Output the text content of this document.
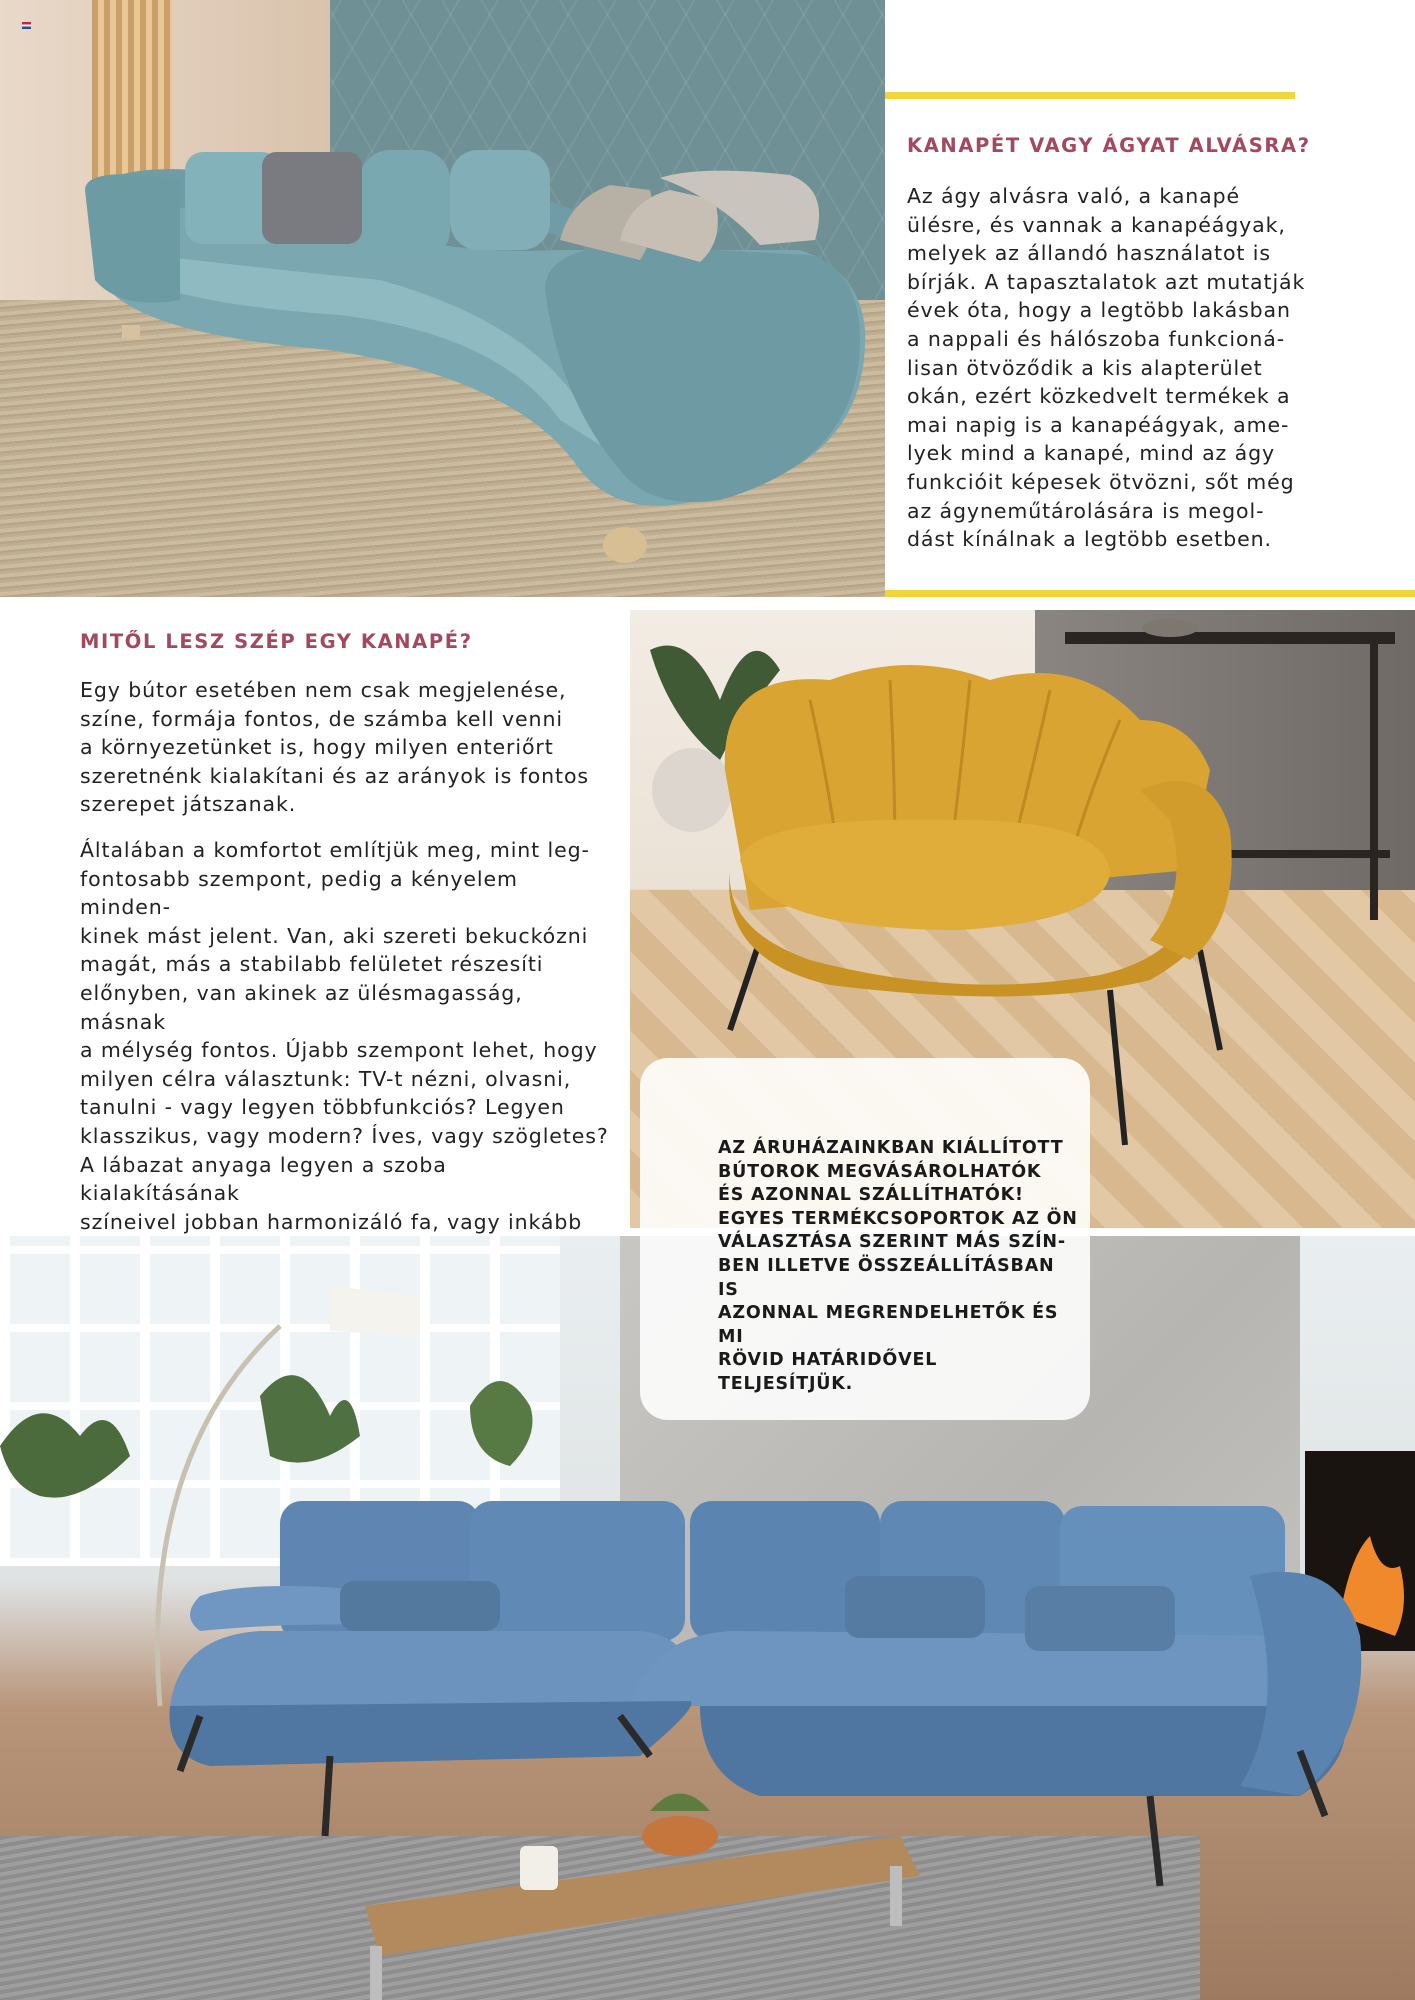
KANAPÉT VAGY ÁGYAT ALVÁSRA?
Az ágy alvásra való, a kanapé
ülésre, és vannak a kanapéágyak,
melyek az állandó használatot is
bírják. A tapasztalatok azt mutatják
évek óta, hogy a legtöbb lakásban
a nappali és hálószoba funkcioná-
lisan ötvöződik a kis alapterület
okán, ezért közkedvelt termékek a
mai napig is a kanapéágyak, ame-
lyek mind a kanapé, mind az ágy
funkcióit képesek ötvözni, sőt még
az ágyneműtárolására is megol-
dást kínálnak a legtöbb esetben.
MITŐL LESZ SZÉP EGY KANAPÉ?
Egy bútor esetében nem csak megjelenése,
színe, formája fontos, de számba kell venni
a környezetünket is, hogy milyen enteriőrt
szeretnénk kialakítani és az arányok is fontos
szerepet játszanak.
Általában a komfortot említjük meg, mint leg-
fontosabb szempont, pedig a kényelem minden-
kinek mást jelent. Van, aki szereti bekuckózni
magát, más a stabilabb felületet részesíti
előnyben, van akinek az ülésmagasság, másnak
a mélység fontos. Újabb szempont lehet, hogy
milyen célra választunk: TV-t nézni, olvasni,
tanulni - vagy legyen többfunkciós? Legyen
klasszikus, vagy modern? Íves, vagy szögletes?
A lábazat anyaga legyen a szoba kialakításának
színeivel jobban harmonizáló fa, vagy inkább
AZ ÁRUHÁZAINKBAN KIÁLLÍTOTT
BÚTOROK MEGVÁSÁROLHATÓK
ÉS AZONNAL SZÁLLÍTHATÓK!
EGYES TERMÉKCSOPORTOK AZ ÖN
VÁLASZTÁSA SZERINT MÁS SZÍN-
BEN ILLETVE ÖSSZEÁLLÍTÁSBAN IS
AZONNAL MEGRENDELHETŐK ÉS MI
RÖVID HATÁRIDŐVEL TELJESÍTJÜK.
